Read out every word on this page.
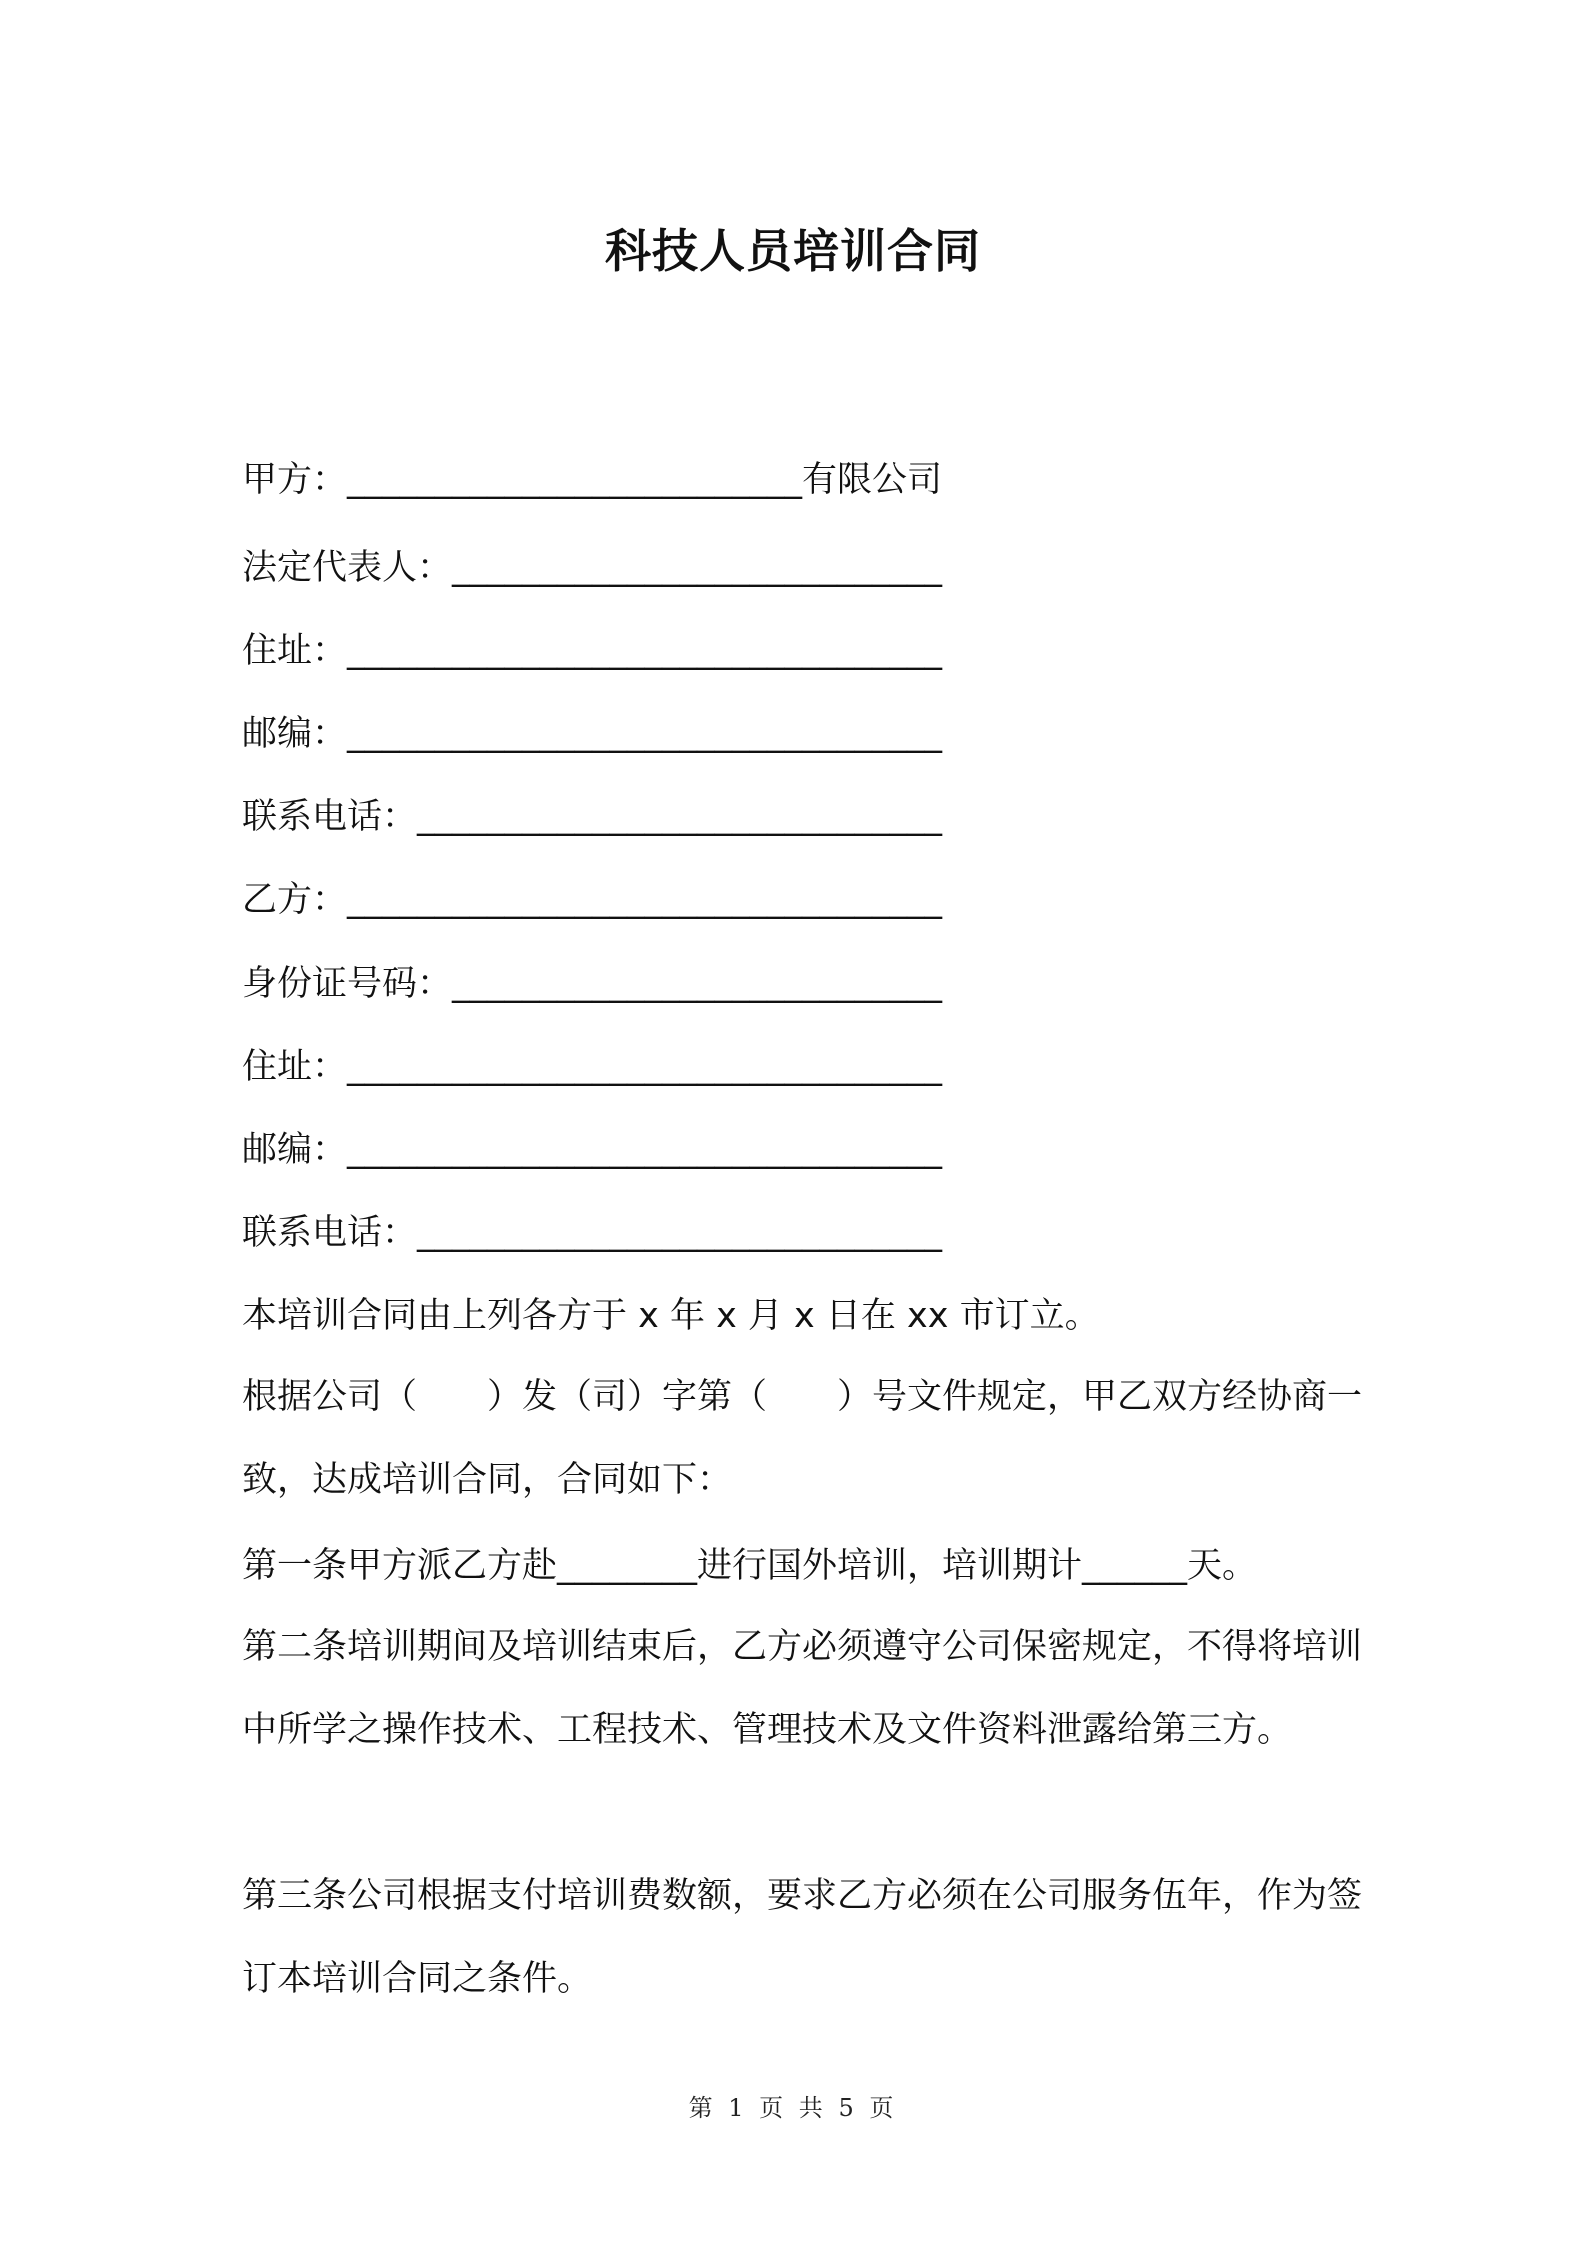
科技人员培训合同
甲方：__________________________有限公司
法定代表人：____________________________
住址：__________________________________
邮编：__________________________________
联系电话：______________________________
乙方：__________________________________
身份证号码：____________________________
住址：__________________________________
邮编：__________________________________
联系电话：______________________________
本培训合同由上列各方于 x 年 x 月 x 日在 xx 市订立。
根据公司（　　）发（司）字第（　　）号文件规定，甲乙双方经协商一致，达成培训合同，合同如下：
第一条甲方派乙方赴________进行国外培训，培训期计______天。
第二条培训期间及培训结束后，乙方必须遵守公司保密规定，不得将培训中所学之操作技术、工程技术、管理技术及文件资料泄露给第三方。
第三条公司根据支付培训费数额，要求乙方必须在公司服务伍年，作为签订本培训合同之条件。
第 1 页 共 5 页
